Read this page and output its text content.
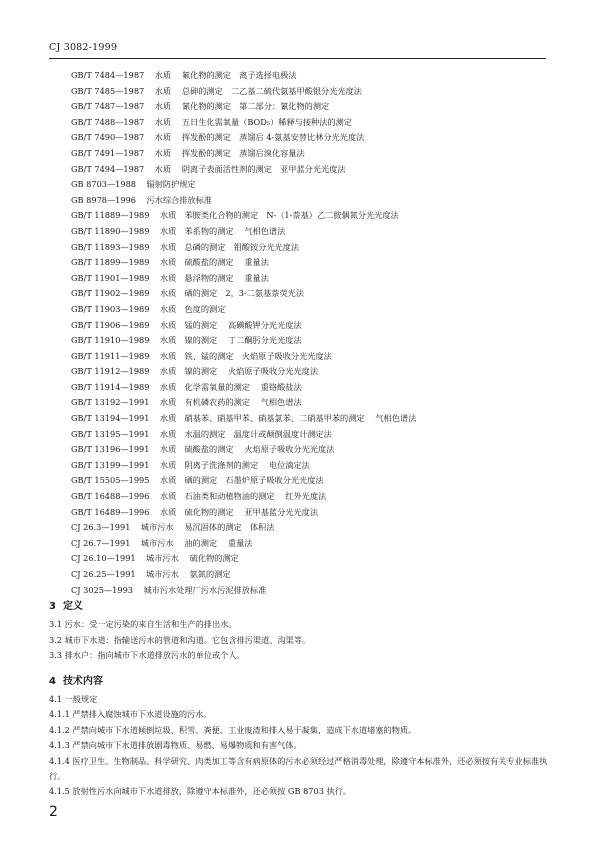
CJ 3082-1999
GB/T 7484—1987 水质　 氟化物的测定　离子选择电极法
GB/T 7485—1987 水质　 总砷的测定　二乙基二硫代氨基甲酸银分光光度法
GB/T 7487—1987 水质　 氰化物的测定　第二部分：氰化物的测定
GB/T 7488—1987 水质　 五日生化需氧量（BOD₅）稀释与接种法的测定
GB/T 7490—1987 水质　 挥发酚的测定　蒸馏后 4-氨基安替比林分光光度法
GB/T 7491—1987 水质　 挥发酚的测定　蒸馏后溴化容量法
GB/T 7494—1987 水质　 阴离子表面活性剂的测定　亚甲蓝分光光度法
GB 8703—1988 辐射防护规定
GB 8978—1996 污水综合排放标准
GB/T 11889—1989 水质　苯胺类化合物的测定　N-（1-萘基）乙二胺偶氮分光光度法
GB/T 11890—1989 水质　苯系物的测定　 气相色谱法
GB/T 11893—1989 水质　总磷的测定　钼酸铵分光光度法
GB/T 11899—1989 水质　硫酸盐的测定　 重量法
GB/T 11901—1989 水质　悬浮物的测定　 重量法
GB/T 11902—1989 水质　硒的测定　2，3-二氨基萘荧光法
GB/T 11903—1989 水质　色度的测定
GB/T 11906—1989 水质　锰的测定　 高碘酸钾分光光度法
GB/T 11910—1989 水质　镍的测定　 丁二酮肟分光光度法
GB/T 11911—1989 水质　铁、锰的测定　火焰原子吸收分光光度法
GB/T 11912—1989 水质　镍的测定　 火焰原子吸收分光光度法
GB/T 11914—1989 水质　化学需氧量的测定　 重铬酸盐法
GB/T 13192—1991 水质　有机磷农药的测定　 气相色谱法
GB/T 13194—1991 水质　硝基苯、硝基甲苯、硝基氯苯、二硝基甲苯的测定　 气相色谱法
GB/T 13195—1991 水质　水温的测定　温度计或颠倒温度计测定法
GB/T 13196—1991 水质　硫酸盐的测定　 火焰原子吸收分光光度法
GB/T 13199—1991 水质　阴离子洗涤剂的测定　 电位滴定法
GB/T 15505—1995 水质　硒的测定　石墨炉原子吸收分光光度法
GB/T 16488—1996 水质　石油类和动植物油的测定　 红外光度法
GB/T 16489—1996 水质　硫化物的测定　 亚甲基蓝分光光度法
CJ 26.3—1991 城市污水　 易沉固体的测定　体积法
CJ 26.7—1991 城市污水　 油的测定　 重量法
CJ 26.10—1991 城市污水　 硫化物的测定
CJ 26.25—1991 城市污水　 氨氮的测定
CJ 3025—1993 城市污水处理厂污水污泥排放标准
3 定义
3.1 污水：受一定污染的来自生活和生产的排出水。
3.2 城市下水道：指输送污水的管道和沟道。它包含排污渠道、沟渠等。
3.3 排水户：指向城市下水道排放污水的单位或个人。
4 技术内容
4.1 一般规定
4.1.1 严禁排入腐蚀城市下水道设施的污水。
4.1.2 严禁向城市下水道倾倒垃圾、积雪、粪便、工业废渣和排入易于凝集，造成下水道堵塞的物质。
4.1.3 严禁向城市下水道排放剧毒物质、易燃、易爆物质和有害气体。
4.1.4 医疗卫生、生物制品、科学研究、肉类加工等含有病原体的污水必须经过严格消毒处理，除遵守本标准外，还必须按有关专业标准执行。
4.1.5 放射性污水向城市下水道排放，除遵守本标准外，还必须按 GB 8703 执行。
2
